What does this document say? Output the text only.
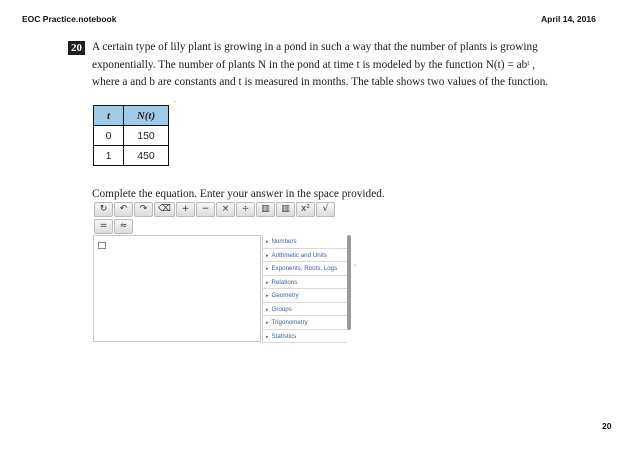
EOC Practice.notebook	April 14, 2016
20 A certain type of lily plant is growing in a pond in such a way that the number of plants is growing
exponentially. The number of plants N in the pond at time t is modeled by the function N(t) = abᵗ ,
where a and b are constants and t is measured in months. The table shows two values of the function.
.
t	N(t)
0	150
1	450
Complete the equation. Enter your answer in the space provided.
↻	↶	↷	⌫	+	−	×	÷	▥	▥	x²	√
=	≈
▸ Numbers
▸ Arithmetic and Units
▸ Exponents, Roots, Logs
▸ Relations
▸ Geometry
▸ Groups
▸ Trigonometry
▸ Statistics
‹
20
